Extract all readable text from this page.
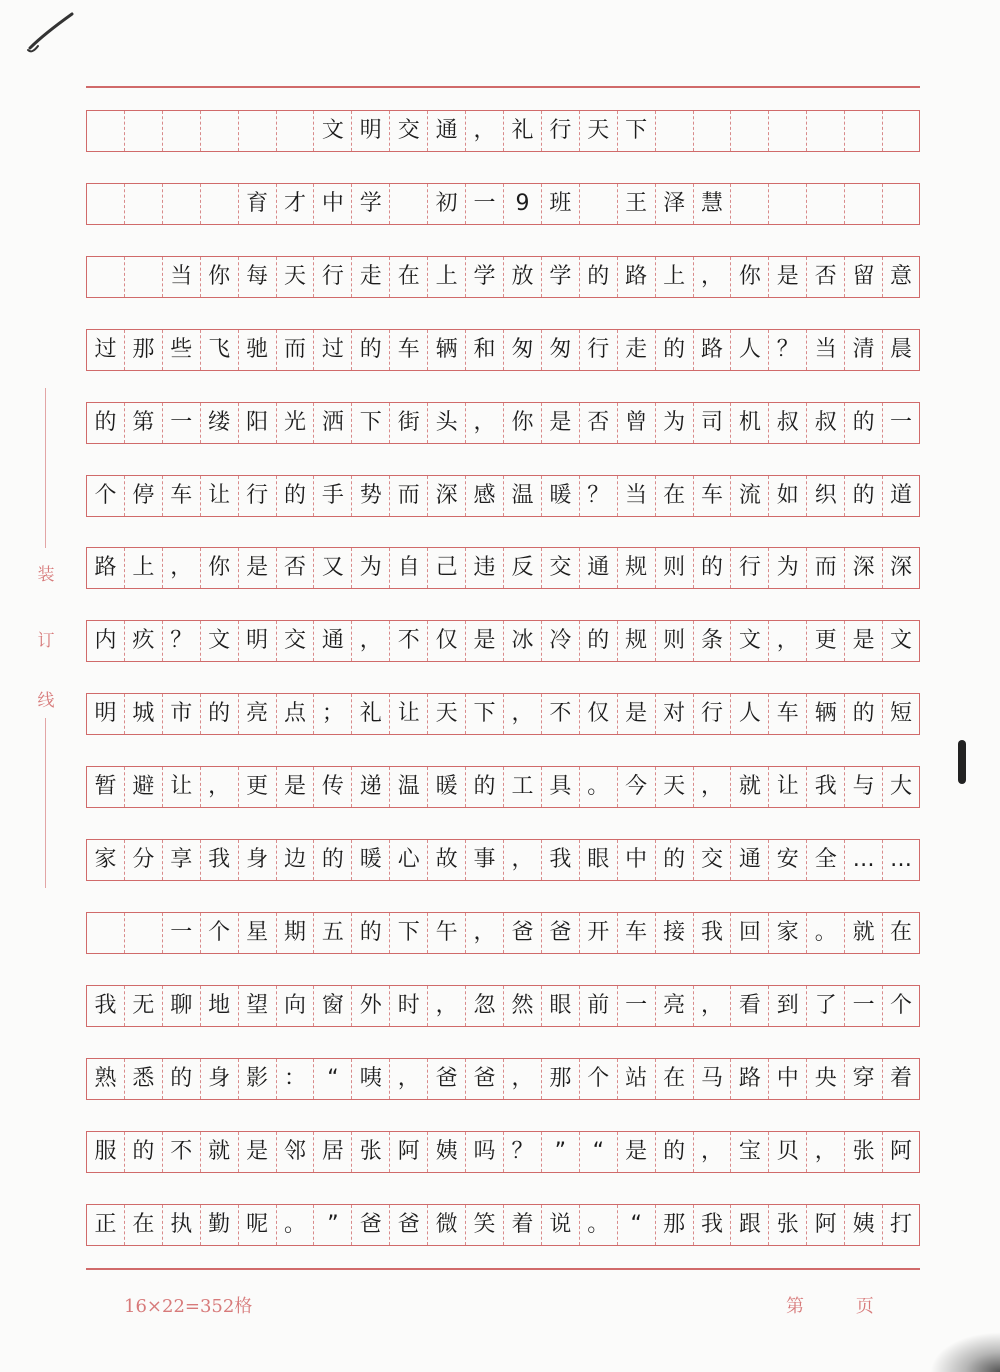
装
订
线
文 明 交 通 ， 礼 行 天 下
育 才 中 学	初 一 9 班	王 泽 慧
当 你 每 天 行 走 在 上 学 放 学 的 路 上 ， 你 是 否 留 意
过 那 些 飞 驰 而 过 的 车 辆 和 匆 匆 行 走 的 路 人 ？ 当 清 晨
的 第 一 缕 阳 光 洒 下 街 头 ， 你 是 否 曾 为 司 机 叔 叔 的 一
个 停 车 让 行 的 手 势 而 深 感 温 暖 ？ 当 在 车 流 如 织 的 道
路 上 ， 你 是 否 又 为 自 己 违 反 交 通 规 则 的 行 为 而 深 深
内 疚 ？ 文 明 交 通 ， 不 仅 是 冰 冷 的 规 则 条 文 ， 更 是 文
明 城 市 的 亮 点 ； 礼 让 天 下 ， 不 仅 是 对 行 人 车 辆 的 短
暂 避 让 ， 更 是 传 递 温 暖 的 工 具 。 今 天 ， 就 让 我 与 大
家 分 享 我 身 边 的 暖 心 故 事 ， 我 眼 中 的 交 通 安 全 … …
一 个 星 期 五 的 下 午 ， 爸 爸 开 车 接 我 回 家 。 就 在
我 无 聊 地 望 向 窗 外 时 ， 忽 然 眼 前 一 亮 ， 看 到 了 一 个
熟 悉 的 身 影 ： “ 咦 ， 爸 爸 ， 那 个 站 在 马 路 中 央 穿 着
服 的 不 就 是 邻 居 张 阿 姨 吗 ？ ”	“ 是 的 ， 宝 贝 ， 张 阿
正 在 执 勤 呢 。 ” 爸 爸 微 笑 着 说 。 “ 那 我 跟 张 阿 姨 打
16×22=352格	第 页
